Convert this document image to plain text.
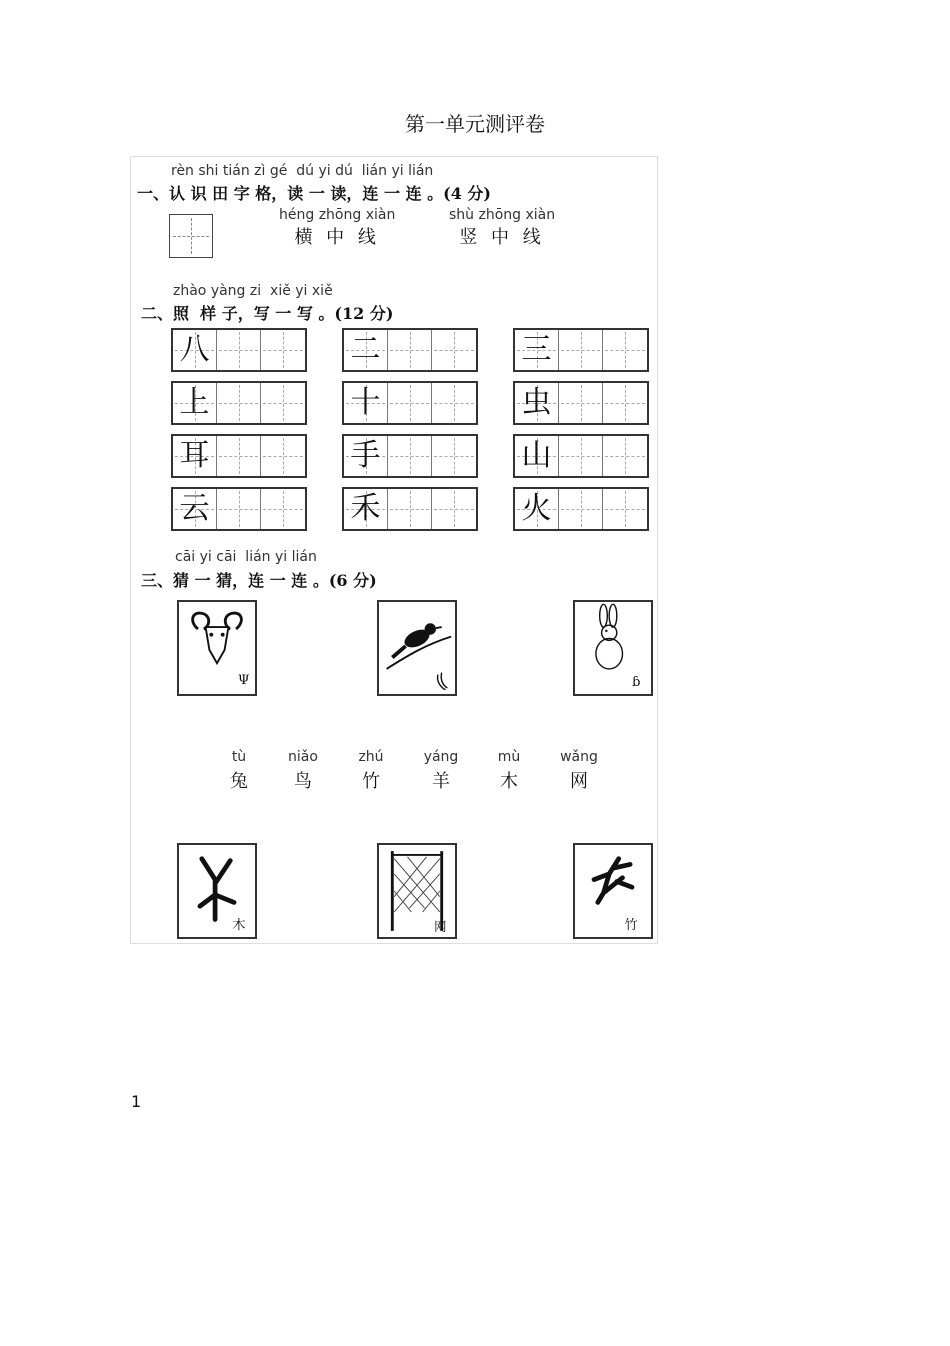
第一单元测评卷
rèn shi tián zì gé  dú yi dú  lián yi lián
一、认 识 田 字 格，读 一 读，连 一 连 。(4 分)
héng zhōng xiàn
横 中 线
shù zhōng xiàn
竖 中 线
zhào yàng zi  xiě yi xiě
二、照  样 子，写 一 写 。(12 分)
八	二	三
上	十	虫
耳	手	山
云	禾	火
cāi yi cāi  lián yi lián
三、猜 一 猜，连 一 连 。(6 分)
Ψ	ɓ
tù
兔
niǎo
鸟
zhú
竹
yáng
羊
mù
木
wǎng
网
木	网	竹
1
